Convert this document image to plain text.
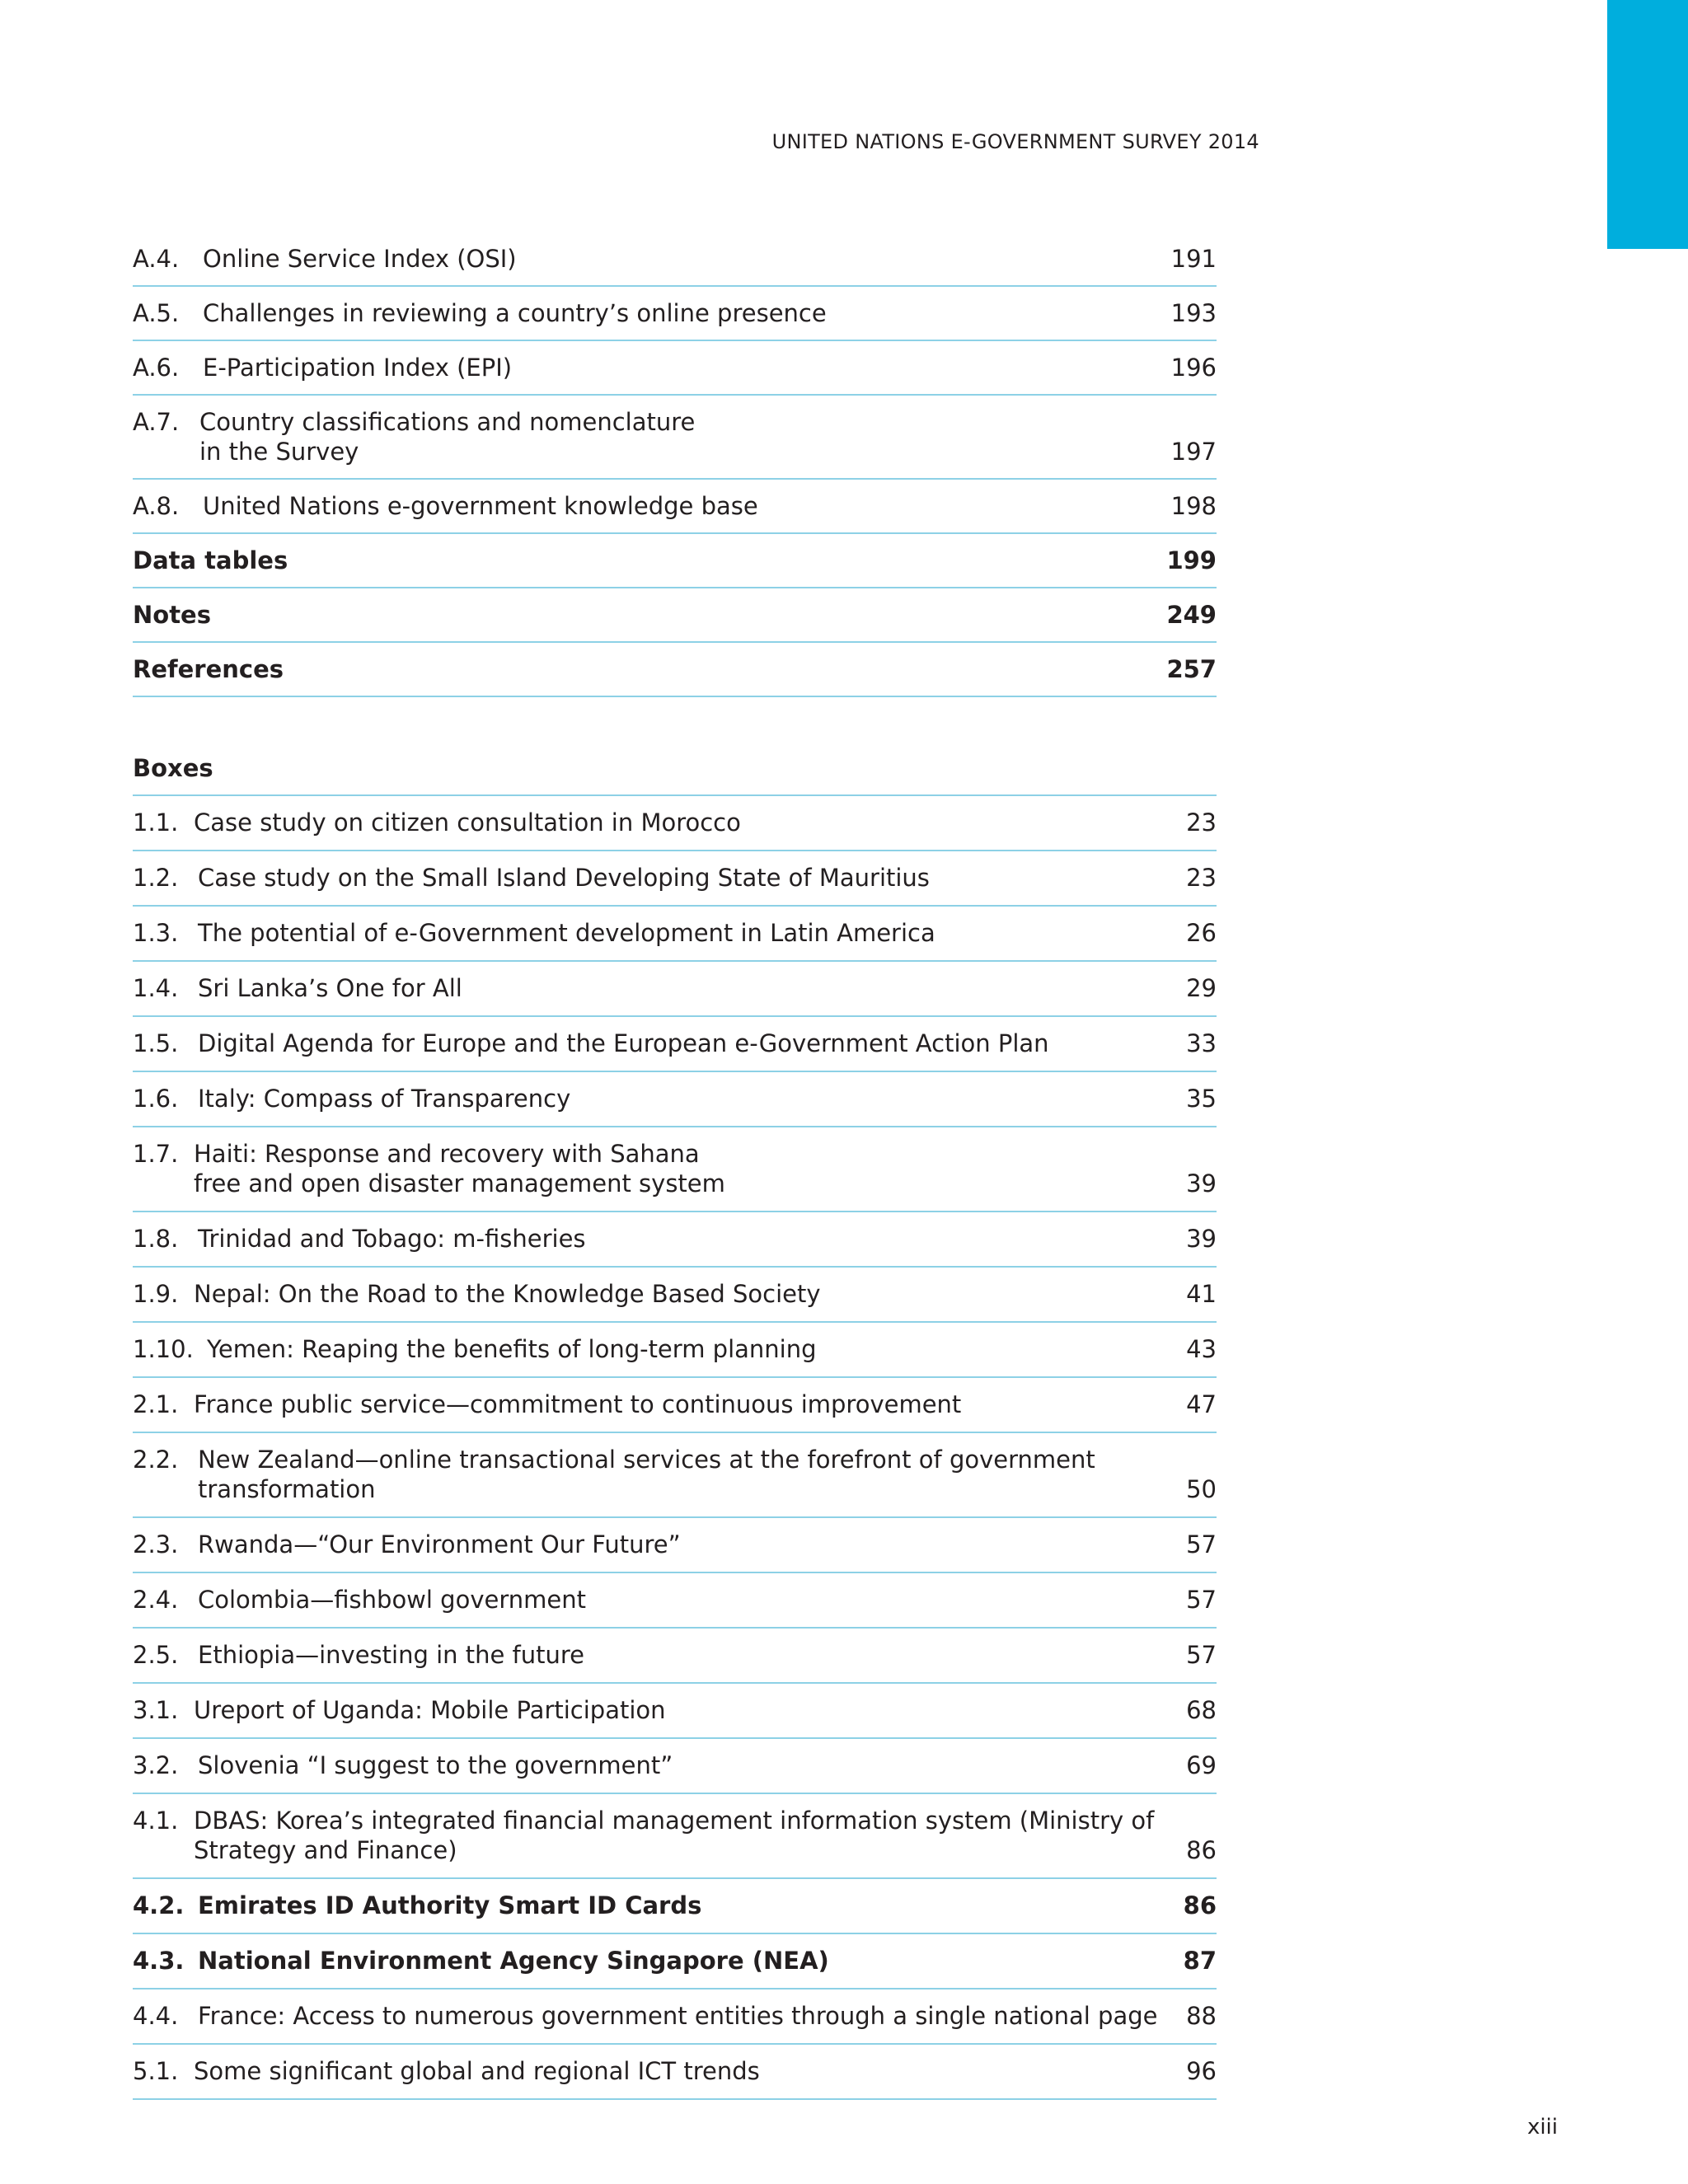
UNITED NATIONS E-GOVERNMENT SURVEY 2014
A.4. Online Service Index (OSI)	191
A.5. Challenges in reviewing a country’s online presence	193
A.6. E-Participation Index (EPI)	196
A.7. Country classifications and nomenclature
in the Survey	197
A.8. United Nations e-government knowledge base	198
Data tables	199
Notes	249
References	257
Boxes
1.1. Case study on citizen consultation in Morocco	23
1.2. Case study on the Small Island Developing State of Mauritius	23
1.3. The potential of e-Government development in Latin America	26
1.4. Sri Lanka’s One for All	29
1.5. Digital Agenda for Europe and the European e-Government Action Plan	33
1.6. Italy: Compass of Transparency	35
1.7. Haiti: Response and recovery with Sahana
free and open disaster management system	39
1.8. Trinidad and Tobago: m-fisheries	39
1.9. Nepal: On the Road to the Knowledge Based Society	41
1.10. Yemen: Reaping the benefits of long-term planning	43
2.1. France public service—commitment to continuous improvement	47
2.2. New Zealand—online transactional services at the forefront of government
transformation	50
2.3. Rwanda—“Our Environment Our Future”	57
2.4. Colombia—fishbowl government	57
2.5. Ethiopia—investing in the future	57
3.1. Ureport of Uganda: Mobile Participation	68
3.2. Slovenia “I suggest to the government”	69
4.1. DBAS: Korea’s integrated financial management information system (Ministry of
Strategy and Finance)	86
4.2. Emirates ID Authority Smart ID Cards	86
4.3. National Environment Agency Singapore (NEA)	87
4.4. France: Access to numerous government entities through a single national page 88
5.1. Some significant global and regional ICT trends	96
xiii
